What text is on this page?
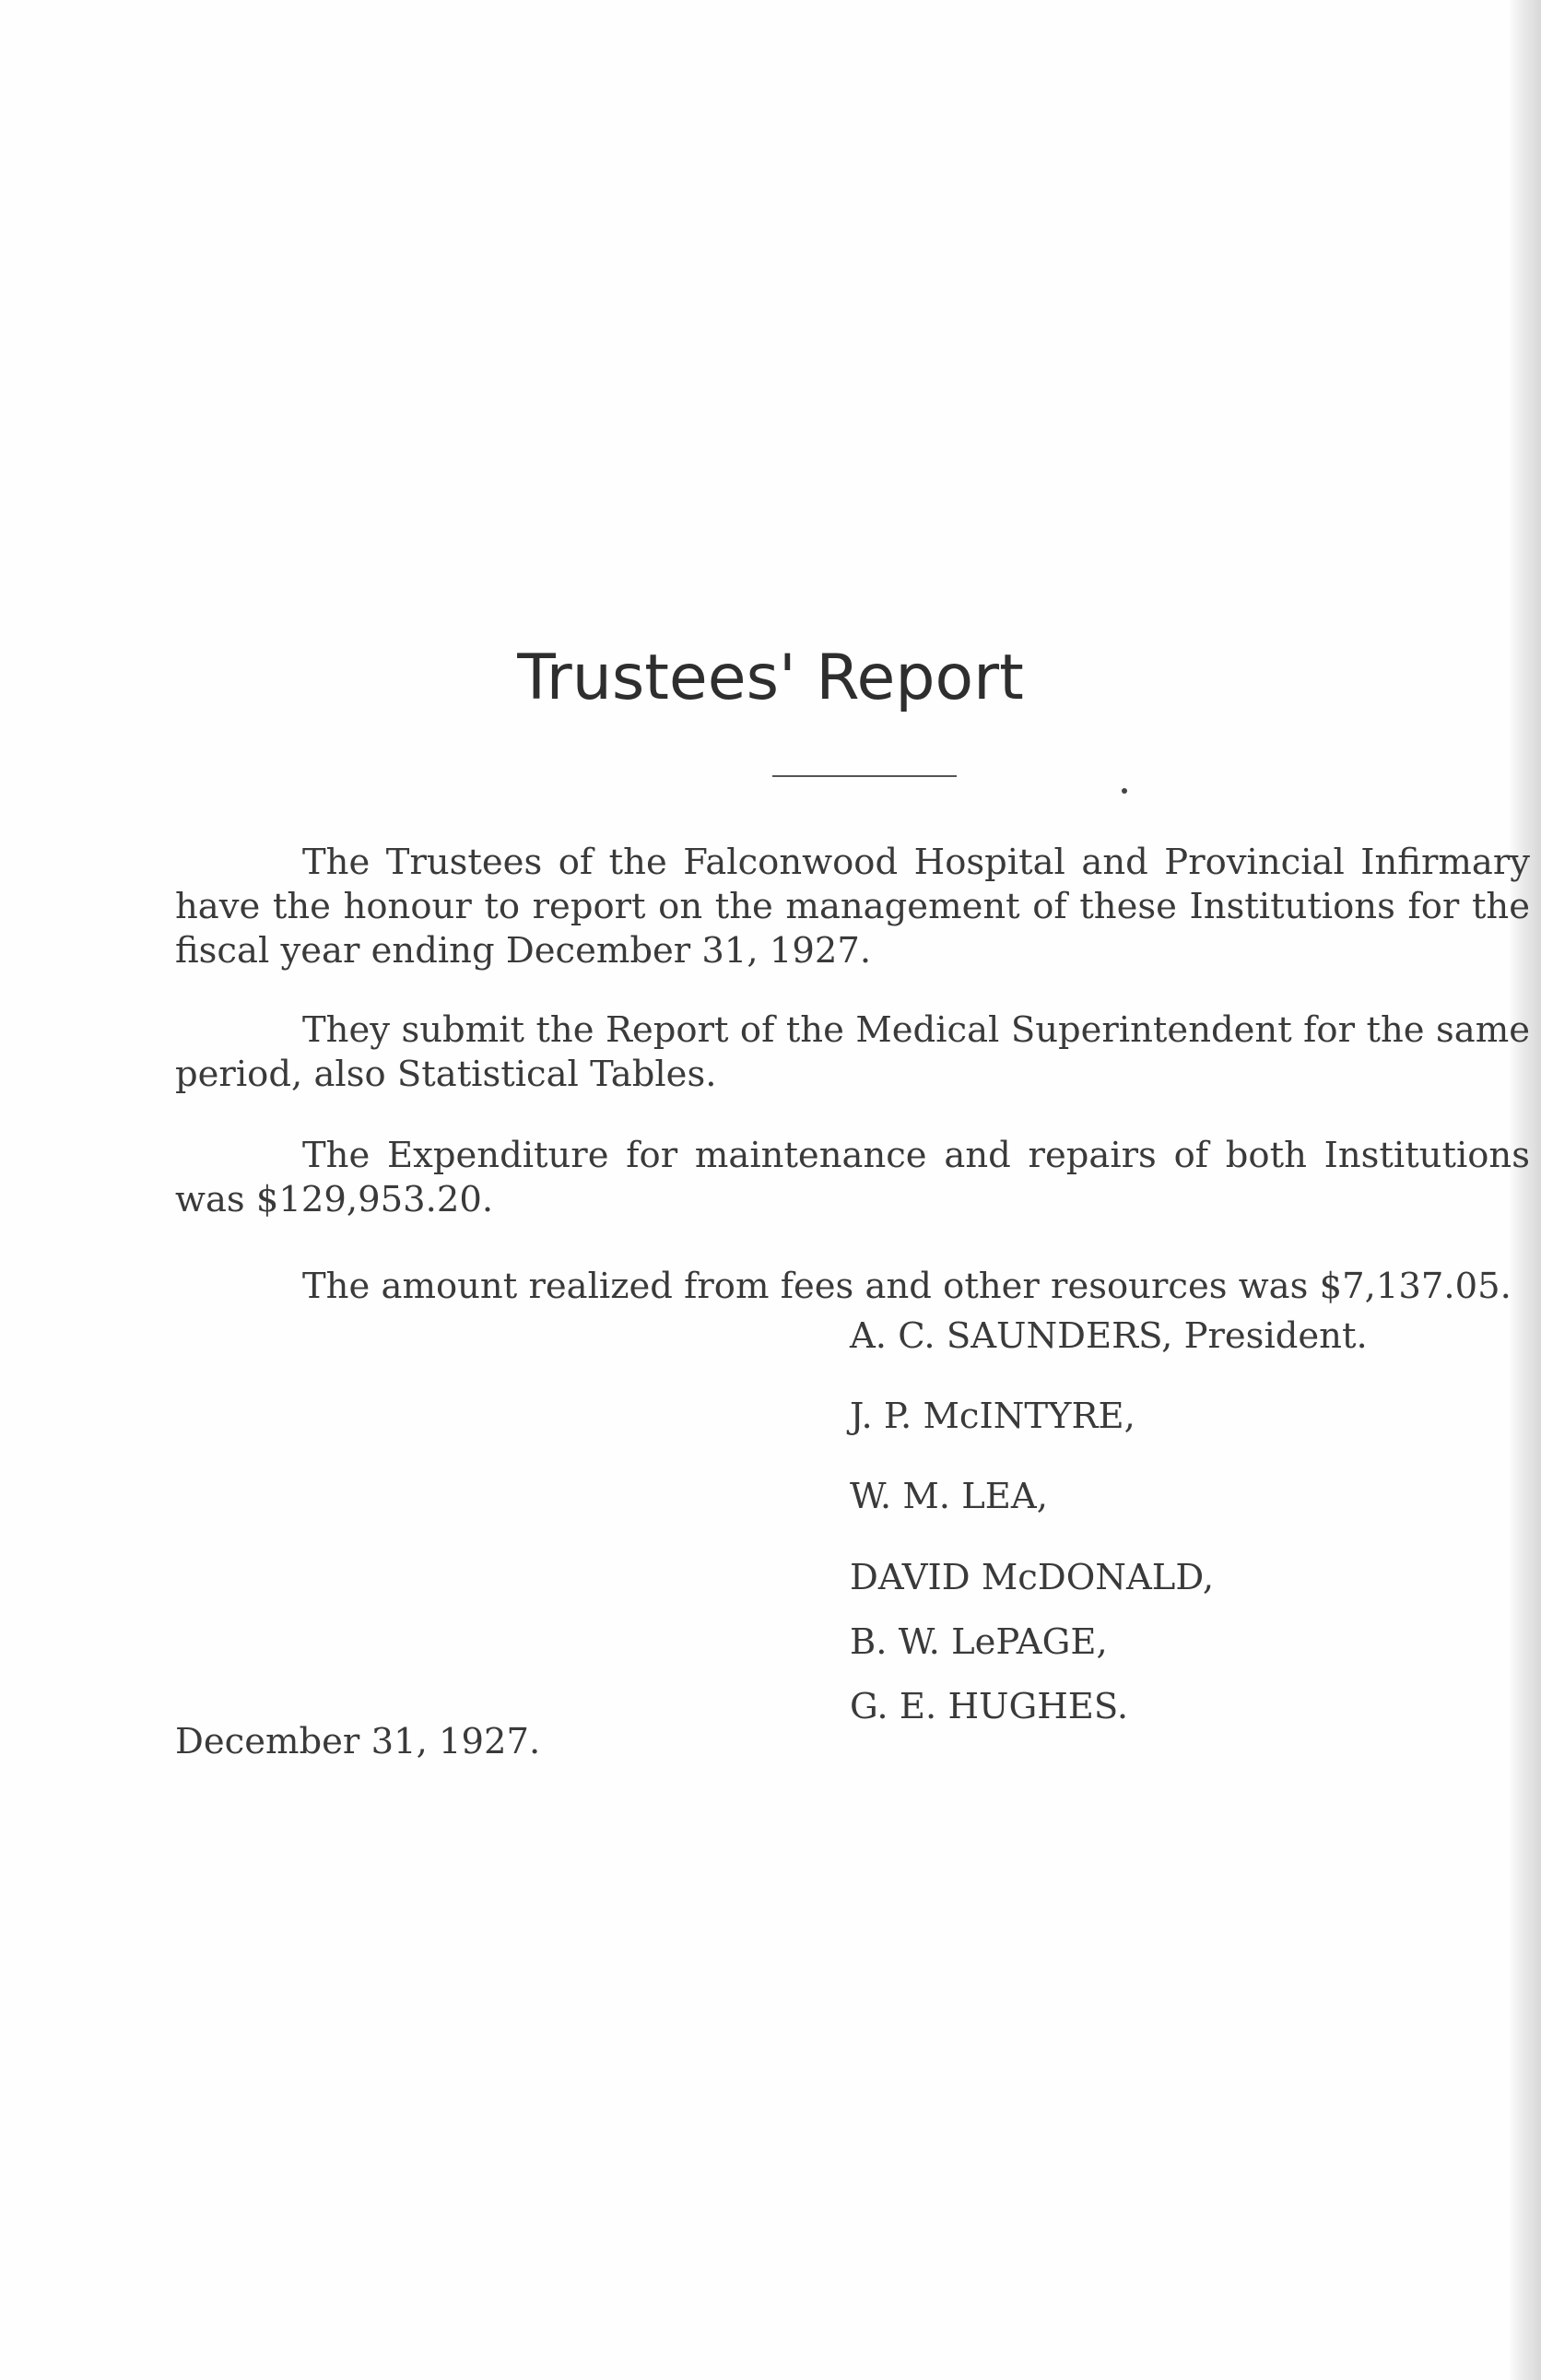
Trustees' Report

The Trustees of the Falconwood Hospital and Provincial Infirmary have the honour to report on the management of these Institutions for the fiscal year ending December 31, 1927.

They submit the Report of the Medical Superintendent for the same period, also Statistical Tables.

The Expenditure for maintenance and repairs of both Institutions was $129,953.20.

The amount realized from fees and other resources was $7,137.05.

A. C. SAUNDERS, President.

J. P. McINTYRE,

W. M. LEA,

DAVID McDONALD,

B. W. LePAGE,

G. E. HUGHES.

December 31, 1927.
